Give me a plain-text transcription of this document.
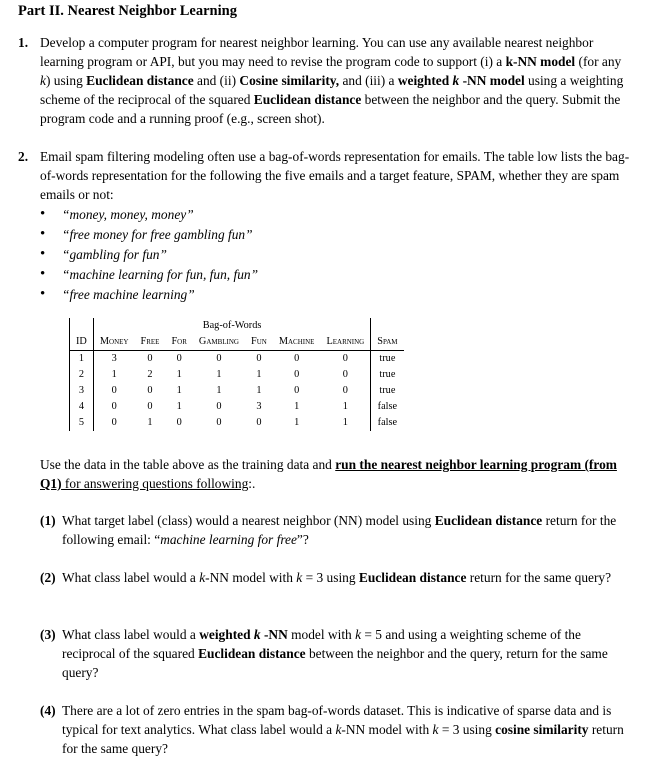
Part II. Nearest Neighbor Learning
1. Develop a computer program for nearest neighbor learning. You can use any available nearest neighbor learning program or API, but you may need to revise the program code to support (i) a k-NN model (for any k) using Euclidean distance and (ii) Cosine similarity, and (iii) a weighted k -NN model using a weighting scheme of the reciprocal of the squared Euclidean distance between the neighbor and the query. Submit the program code and a running proof (e.g., screen shot).
2. Email spam filtering modeling often use a bag-of-words representation for emails. The table low lists the bag-of-words representation for the following the five emails and a target feature, SPAM, whether they are spam emails or not:
• “money, money, money”
• “free money for free gambling fun”
• “gambling for fun”
• “machine learning for fun, fun, fun”
• “free machine learning”
	Bag-of-Words							
ID	Money	Free	For	Gambling	Fun	Machine	Learning	Spam
1	3	0	0	0	0	0	0	true
2	1	2	1	1	1	0	0	true
3	0	0	1	1	1	0	0	true
4	0	0	1	0	3	1	1	false
5	0	1	0	0	0	1	1	false
Use the data in the table above as the training data and run the nearest neighbor learning program (from Q1) for answering questions following:.
(1) What target label (class) would a nearest neighbor (NN) model using Euclidean distance return for the following email: “machine learning for free”?
(2) What class label would a k-NN model with k = 3 using Euclidean distance return for the same query?
(3) What class label would a weighted k -NN model with k = 5 and using a weighting scheme of the reciprocal of the squared Euclidean distance between the neighbor and the query, return for the same query?
(4) There are a lot of zero entries in the spam bag-of-words dataset. This is indicative of sparse data and is typical for text analytics. What class label would a k-NN model with k = 3 using cosine similarity return for the same query?
